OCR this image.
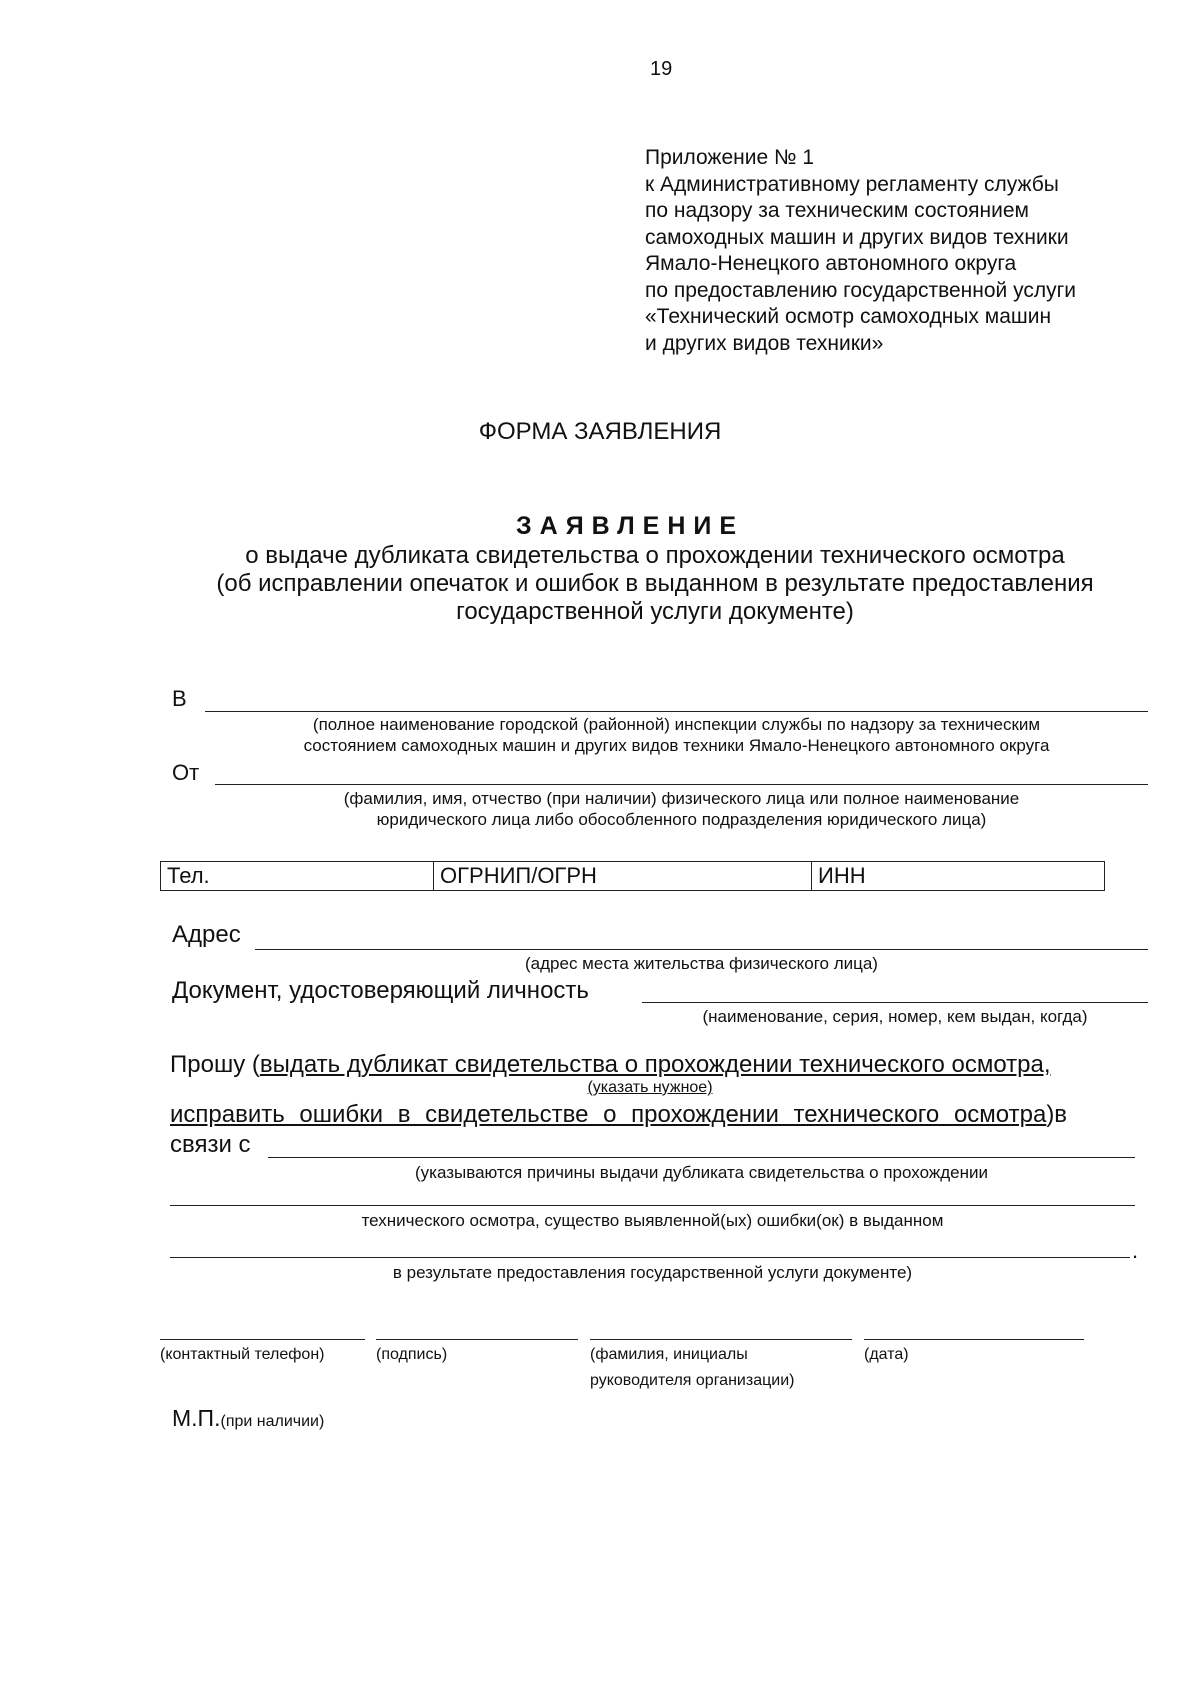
19
Приложение № 1
к Административному регламенту службы
по надзору за техническим состоянием
самоходных машин и других видов техники
Ямало-Ненецкого автономного округа
по предоставлению государственной услуги
«Технический осмотр самоходных машин
и других видов техники»
ФОРМА ЗАЯВЛЕНИЯ
ЗАЯВЛЕНИЕ
о выдаче дубликата свидетельства о прохождении технического осмотра
(об исправлении опечаток и ошибок в выданном в результате предоставления
государственной услуги документе)
В
(полное наименование городской (районной) инспекции службы по надзору за техническим
состоянием самоходных машин и других видов техники Ямало-Ненецкого автономного округа
От
(фамилия, имя, отчество (при наличии) физического лица или полное наименование
юридического лица либо обособленного подразделения юридического лица)
Тел.	ОГРНИП/ОГРН	ИНН
Адрес
(адрес места жительства физического лица)
Документ, удостоверяющий личность
(наименование, серия, номер, кем выдан, когда)
Прошу (выдать дубликат свидетельства о прохождении технического осмотра,
(указать нужное)
исправить ошибки в свидетельстве о прохождении технического осмотра)в
связи с
(указываются причины выдачи дубликата свидетельства о прохождении
технического осмотра, существо выявленной(ых) ошибки(ок) в выданном
.
в результате предоставления государственной услуги документе)
(контактный телефон)	(подпись)	(фамилия, инициалы
руководителя организации)
(дата)
М.П.(при наличии)
